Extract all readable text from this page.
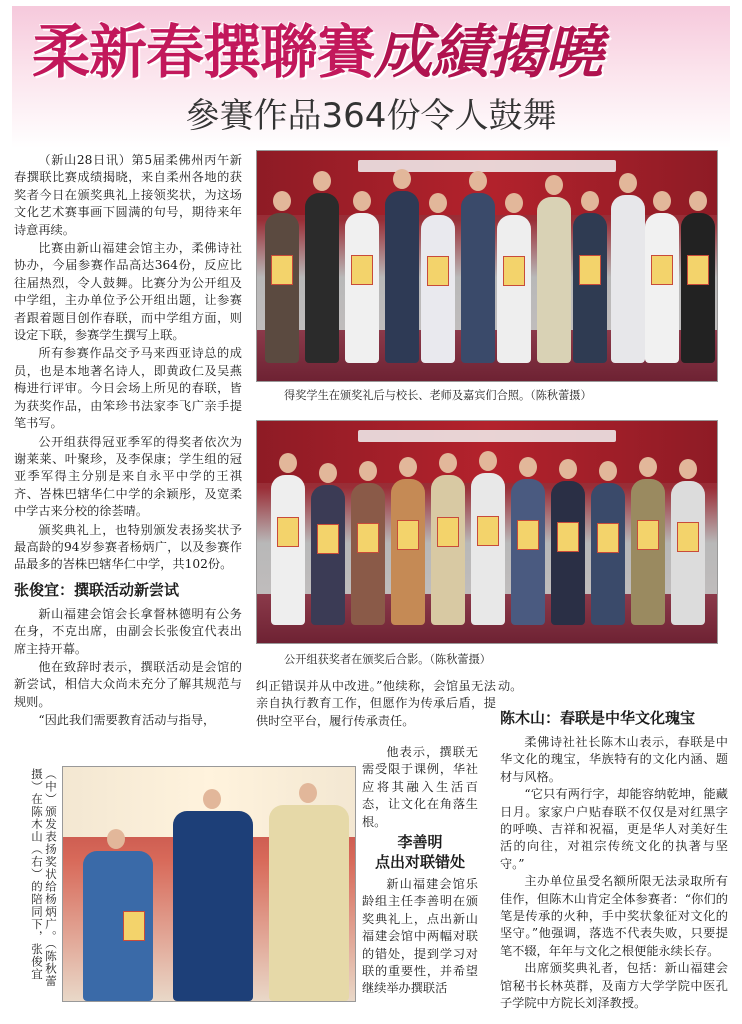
柔新春撰聯賽成績揭曉
參賽作品364份令人鼓舞

（新山28日讯）第5届柔佛州丙午新春撰联比赛成绩揭晓，来自柔州各地的获奖者今日在颁奖典礼上接领奖状，为这场文化艺术赛事画下圆满的句号，期待来年诗意再续。

比赛由新山福建会馆主办，柔佛诗社协办，今届参赛作品高达364份，反应比往届热烈，令人鼓舞。比赛分为公开组及中学组，主办单位予公开组出题，让参赛者跟着题目创作春联，而中学组方面，则设定下联，参赛学生撰写上联。

所有参赛作品交予马来西亚诗总的成员，也是本地著名诗人，即黄政仁及吴燕梅进行评审。今日会场上所见的春联，皆为获奖作品，由笨珍书法家李飞广亲手提笔书写。

公开组获得冠亚季军的得奖者依次为谢莱莱、叶聚珍，及李保康；学生组的冠亚季军得主分别是来自永平中学的王祺齐、峇株巴辖华仁中学的余颖彤，及宽柔中学古来分校的徐荟晴。

颁奖典礼上，也特别颁发表扬奖状予最高龄的94岁参赛者杨炳广，以及参赛作品最多的峇株巴辖华仁中学，共102份。

张俊宜：撰联活动新尝试

新山福建会馆会长拿督林德明有公务在身，不克出席，由副会长张俊宜代表出席主持开幕。

他在致辞时表示，撰联活动是会馆的新尝试，相信大众尚未充分了解其规范与规则。

“因此我们需要教育活动与指导，

得奖学生在颁奖礼后与校长、老师及嘉宾们合照。（陈秋蕾摄）
公开组获奖者在颁奖后合影。（陈秋蕾摄）
纠正错误并从中改进。”他续称，会馆虽无法亲自执行教育工作，但愿作为传承后盾，提供时空平台，履行传承责任。
动。
（中）颁发表扬奖状给杨炳广。（陈秋蕾摄）在陈木山（右）的陪同下，张俊宜

他表示，撰联无需受限于课例，华社应将其融入生活百态，让文化在角落生根。

李善明
点出对联错处

新山福建会馆乐龄组主任李善明在颁奖典礼上，点出新山福建会馆中两幅对联的错处，提到学习对联的重要性，并希望继续举办撰联活

陈木山：春联是中华文化瑰宝

柔佛诗社社长陈木山表示，春联是中华文化的瑰宝，华族特有的文化内涵、题材与风格。

“它只有两行字，却能容纳乾坤，能藏日月。家家户户贴春联不仅仅是对红黑字的呼唤、吉祥和祝福，更是华人对美好生活的向往，对祖宗传统文化的执著与坚守。”

主办单位虽受名额所限无法录取所有佳作，但陈木山肯定全体参赛者：“你们的笔是传承的火种，手中奖状象征对文化的坚守。”他强调，落选不代表失败，只要提笔不辍，年年与文化之根便能永续长存。

出席颁奖典礼者，包括：新山福建会馆秘书长林英群，及南方大学学院中医孔子学院中方院长刘泽教授。
